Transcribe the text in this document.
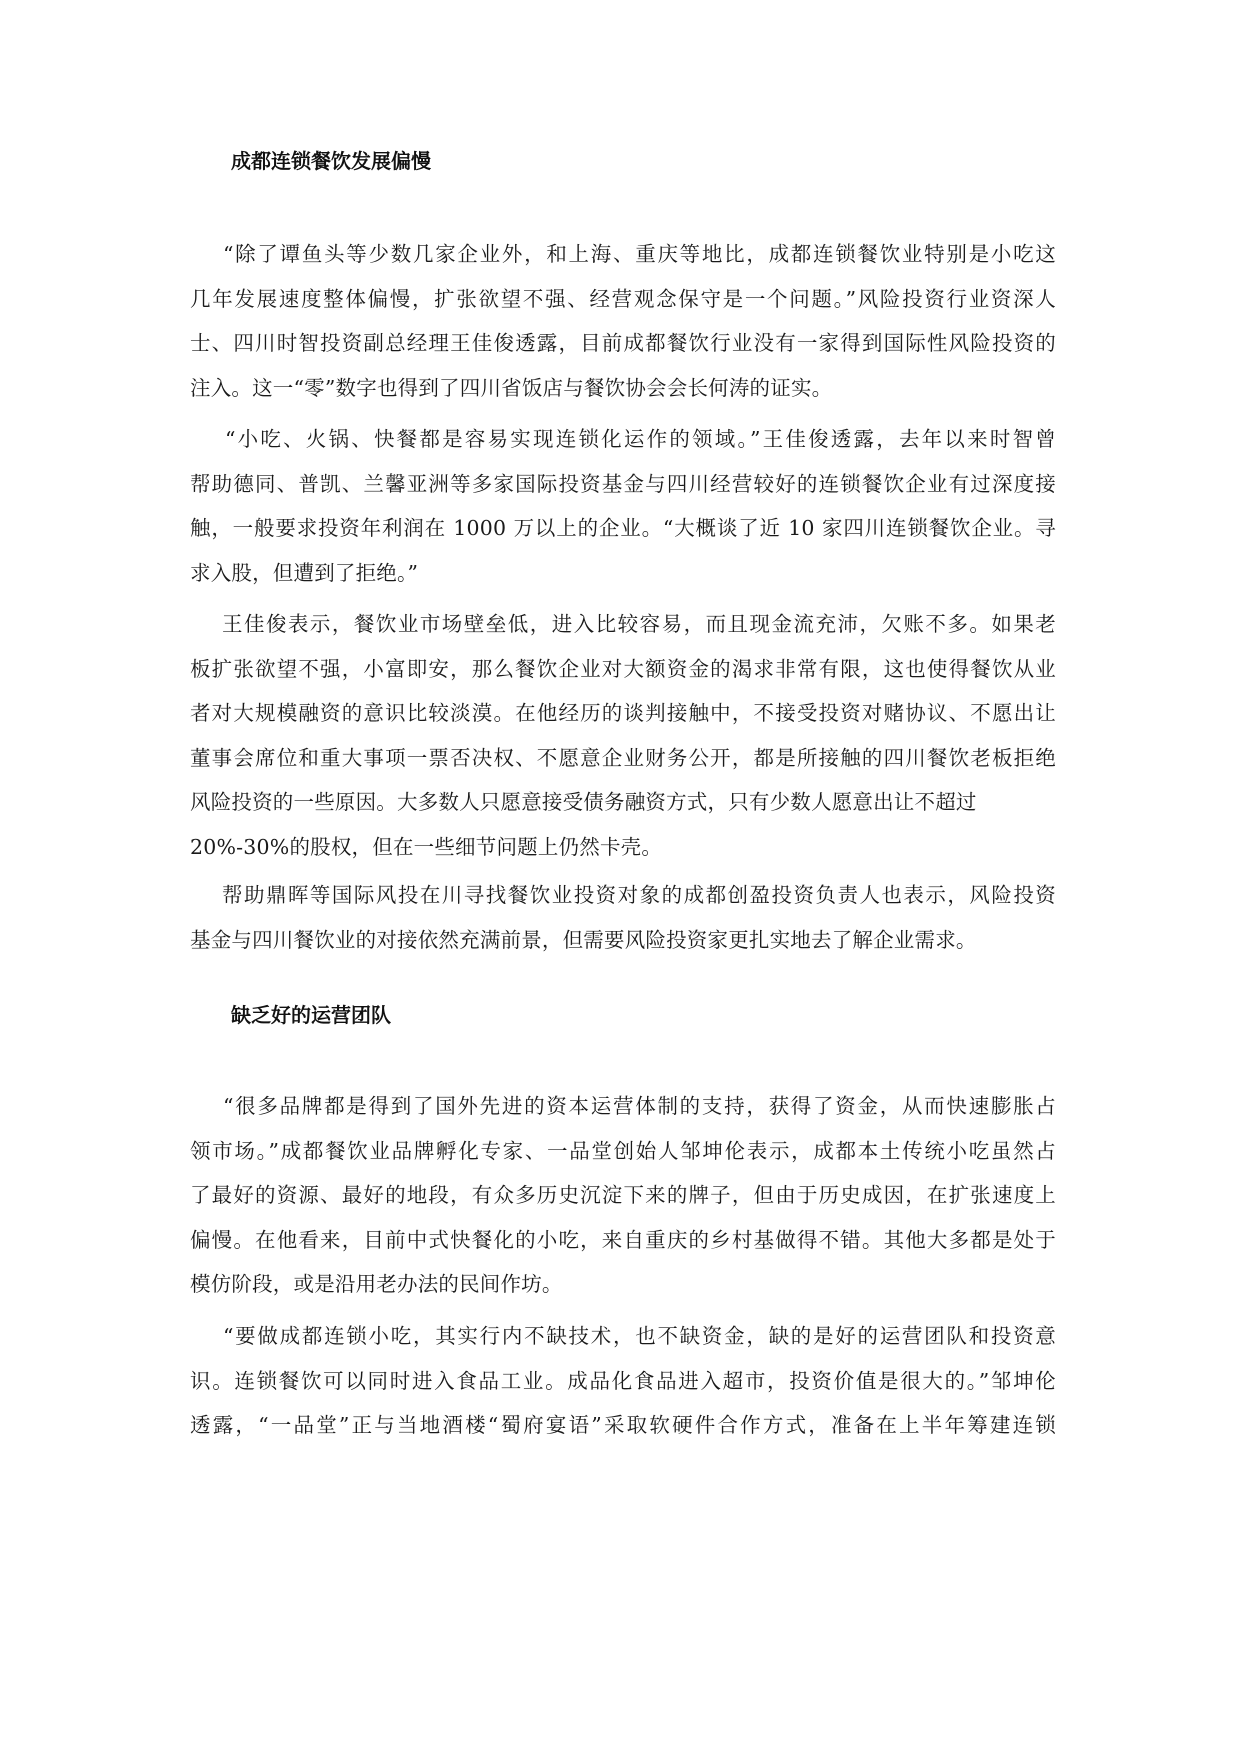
成都连锁餐饮发展偏慢
“除了谭鱼头等少数几家企业外，和上海、重庆等地比，成都连锁餐饮业特别是小吃这
几年发展速度整体偏慢，扩张欲望不强、经营观念保守是一个问题。”风险投资行业资深人
士、四川时智投资副总经理王佳俊透露，目前成都餐饮行业没有一家得到国际性风险投资的
注入。这一“零”数字也得到了四川省饭店与餐饮协会会长何涛的证实。
“小吃、火锅、快餐都是容易实现连锁化运作的领域。”王佳俊透露，去年以来时智曾
帮助德同、普凯、兰馨亚洲等多家国际投资基金与四川经营较好的连锁餐饮企业有过深度接
触，一般要求投资年利润在 1000 万以上的企业。“大概谈了近 10 家四川连锁餐饮企业。寻
求入股，但遭到了拒绝。”
王佳俊表示，餐饮业市场壁垒低，进入比较容易，而且现金流充沛，欠账不多。如果老
板扩张欲望不强，小富即安，那么餐饮企业对大额资金的渴求非常有限，这也使得餐饮从业
者对大规模融资的意识比较淡漠。在他经历的谈判接触中，不接受投资对赌协议、不愿出让
董事会席位和重大事项一票否决权、不愿意企业财务公开，都是所接触的四川餐饮老板拒绝
风险投资的一些原因。大多数人只愿意接受债务融资方式，只有少数人愿意出让不超过
20%-30%的股权，但在一些细节问题上仍然卡壳。
帮助鼎晖等国际风投在川寻找餐饮业投资对象的成都创盈投资负责人也表示，风险投资
基金与四川餐饮业的对接依然充满前景，但需要风险投资家更扎实地去了解企业需求。
缺乏好的运营团队
“很多品牌都是得到了国外先进的资本运营体制的支持，获得了资金，从而快速膨胀占
领市场。”成都餐饮业品牌孵化专家、一品堂创始人邹坤伦表示，成都本土传统小吃虽然占
了最好的资源、最好的地段，有众多历史沉淀下来的牌子，但由于历史成因，在扩张速度上
偏慢。在他看来，目前中式快餐化的小吃，来自重庆的乡村基做得不错。其他大多都是处于
模仿阶段，或是沿用老办法的民间作坊。
“要做成都连锁小吃，其实行内不缺技术，也不缺资金，缺的是好的运营团队和投资意
识。连锁餐饮可以同时进入食品工业。成品化食品进入超市，投资价值是很大的。”邹坤伦
透露，“一品堂”正与当地酒楼“蜀府宴语”采取软硬件合作方式，准备在上半年筹建连锁
